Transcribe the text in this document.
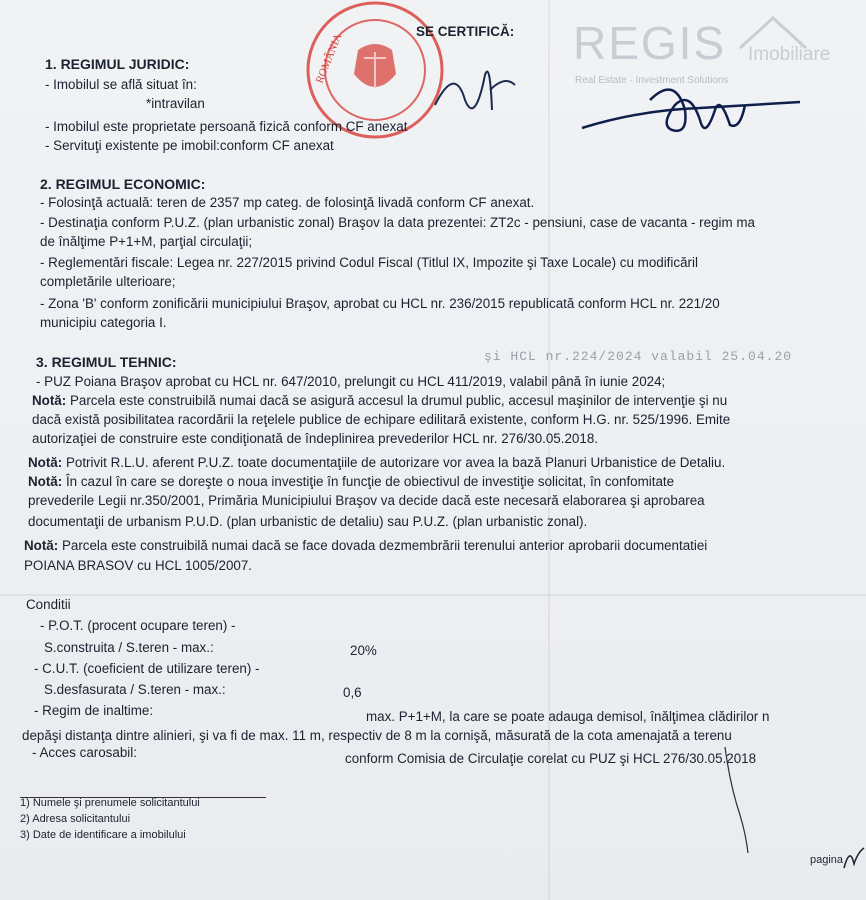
ROMÂNIA	REGIS Imobiliare
Real Estate · Investment Solutions
SE CERTIFICĂ:
1. REGIMUL JURIDIC:
- Imobilul se află situat în:
*intravilan
- Imobilul este proprietate persoană fizică conform CF anexat
- Servituţi existente pe imobil:conform CF anexat
2. REGIMUL ECONOMIC:
- Folosinţă actuală: teren de 2357 mp categ. de folosinţă livadă conform CF anexat.
- Destinaţia conform P.U.Z. (plan urbanistic zonal) Braşov la data prezentei: ZT2c - pensiuni, case de vacanta - regim ma
de înălţime P+1+M, parţial circulaţii;
- Reglementări fiscale: Legea nr. 227/2015 privind Codul Fiscal (Titlul IX, Impozite şi Taxe Locale) cu modificăril
completările ulterioare;
- Zona 'B' conform zonificării municipiului Braşov, aprobat cu HCL nr. 236/2015 republicată conform HCL nr. 221/20
municipiu categoria I.
3. REGIMUL TEHNIC:	şi HCL nr.224/2024 valabil 25.04.20
- PUZ Poiana Braşov aprobat cu HCL nr. 647/2010, prelungit cu HCL 411/2019, valabil până în iunie 2024;
Notă: Parcela este construibilă numai dacă se asigură accesul la drumul public, accesul maşinilor de intervenţie şi nu
dacă există posibilitatea racordării la reţelele publice de echipare edilitară existente, conform H.G. nr. 525/1996. Emite
autorizaţiei de construire este condiţionată de îndeplinirea prevederilor HCL nr. 276/30.05.2018.
Notă: Potrivit R.L.U. aferent P.U.Z. toate documentaţiile de autorizare vor avea la bază Planuri Urbanistice de Detaliu.
Notă: În cazul în care se doreşte o noua investiţie în funcţie de obiectivul de investiţie solicitat, în confomitate
prevederile Legii nr.350/2001, Primăria Municipiului Braşov va decide dacă este necesară elaborarea şi aprobarea
documentaţii de urbanism P.U.D. (plan urbanistic de detaliu) sau P.U.Z. (plan urbanistic zonal).
Notă: Parcela este construibilă numai dacă se face dovada dezmembrării terenului anterior aprobarii documentatiei
POIANA BRASOV cu HCL 1005/2007.
Conditii
- P.O.T. (procent ocupare teren) -
S.construita / S.teren - max.:	20%
- C.U.T. (coeficient de utilizare teren) -
S.desfasurata / S.teren - max.:	0,6
- Regim de inaltime:	max. P+1+M, la care se poate adauga demisol, înălţimea clădirilor n
depăşi distanţa dintre alinieri, şi va fi de max. 11 m, respectiv de 8 m la cornişă, măsurată de la cota amenajată a terenu
- Acces carosabil:	conform Comisia de Circulaţie corelat cu PUZ şi HCL 276/30.05.2018
1) Numele şi prenumele solicitantului
2) Adresa solicitantului
3) Date de identificare a imobilului
pagina
